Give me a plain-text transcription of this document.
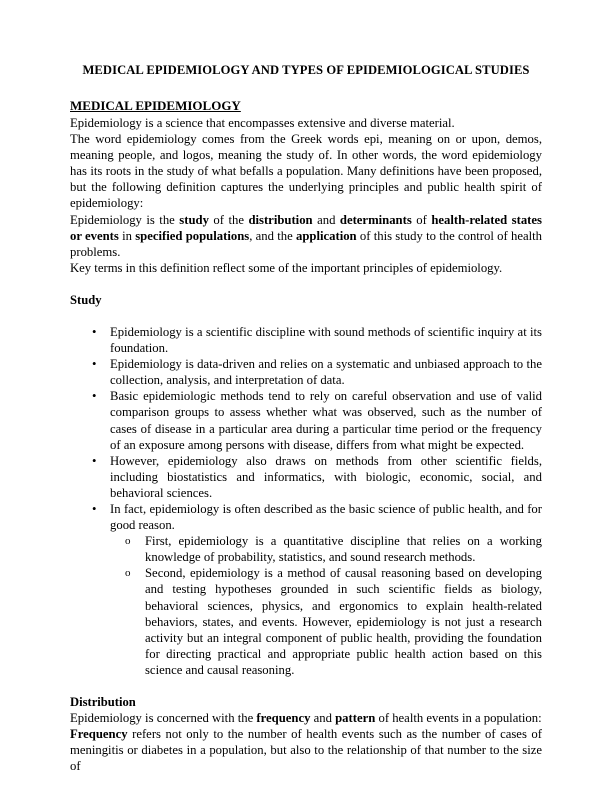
MEDICAL EPIDEMIOLOGY AND TYPES OF EPIDEMIOLOGICAL STUDIES
MEDICAL EPIDEMIOLOGY

Epidemiology is a science that encompasses extensive and diverse material.

The word epidemiology comes from the Greek words epi, meaning on or upon, demos, meaning people, and logos, meaning the study of. In other words, the word epidemiology has its roots in the study of what befalls a population. Many definitions have been proposed, but the following definition captures the underlying principles and public health spirit of epidemiology:

Epidemiology is the study of the distribution and determinants of health-related states or events in specified populations, and the application of this study to the control of health problems.

Key terms in this definition reflect some of the important principles of epidemiology.

Study
• Epidemiology is a scientific discipline with sound methods of scientific inquiry at its foundation.
• Epidemiology is data-driven and relies on a systematic and unbiased approach to the collection, analysis, and interpretation of data.
• Basic epidemiologic methods tend to rely on careful observation and use of valid comparison groups to assess whether what was observed, such as the number of cases of disease in a particular area during a particular time period or the frequency of an exposure among persons with disease, differs from what might be expected.
• However, epidemiology also draws on methods from other scientific fields, including biostatistics and informatics, with biologic, economic, social, and behavioral sciences.
• In fact, epidemiology is often described as the basic science of public health, and for good reason.
o First, epidemiology is a quantitative discipline that relies on a working knowledge of probability, statistics, and sound research methods.
o Second, epidemiology is a method of causal reasoning based on developing and testing hypotheses grounded in such scientific fields as biology, behavioral sciences, physics, and ergonomics to explain health-related behaviors, states, and events. However, epidemiology is not just a research activity but an integral component of public health, providing the foundation for directing practical and appropriate public health action based on this science and causal reasoning.
Distribution

Epidemiology is concerned with the frequency and pattern of health events in a population:

Frequency refers not only to the number of health events such as the number of cases of meningitis or diabetes in a population, but also to the relationship of that number to the size of
